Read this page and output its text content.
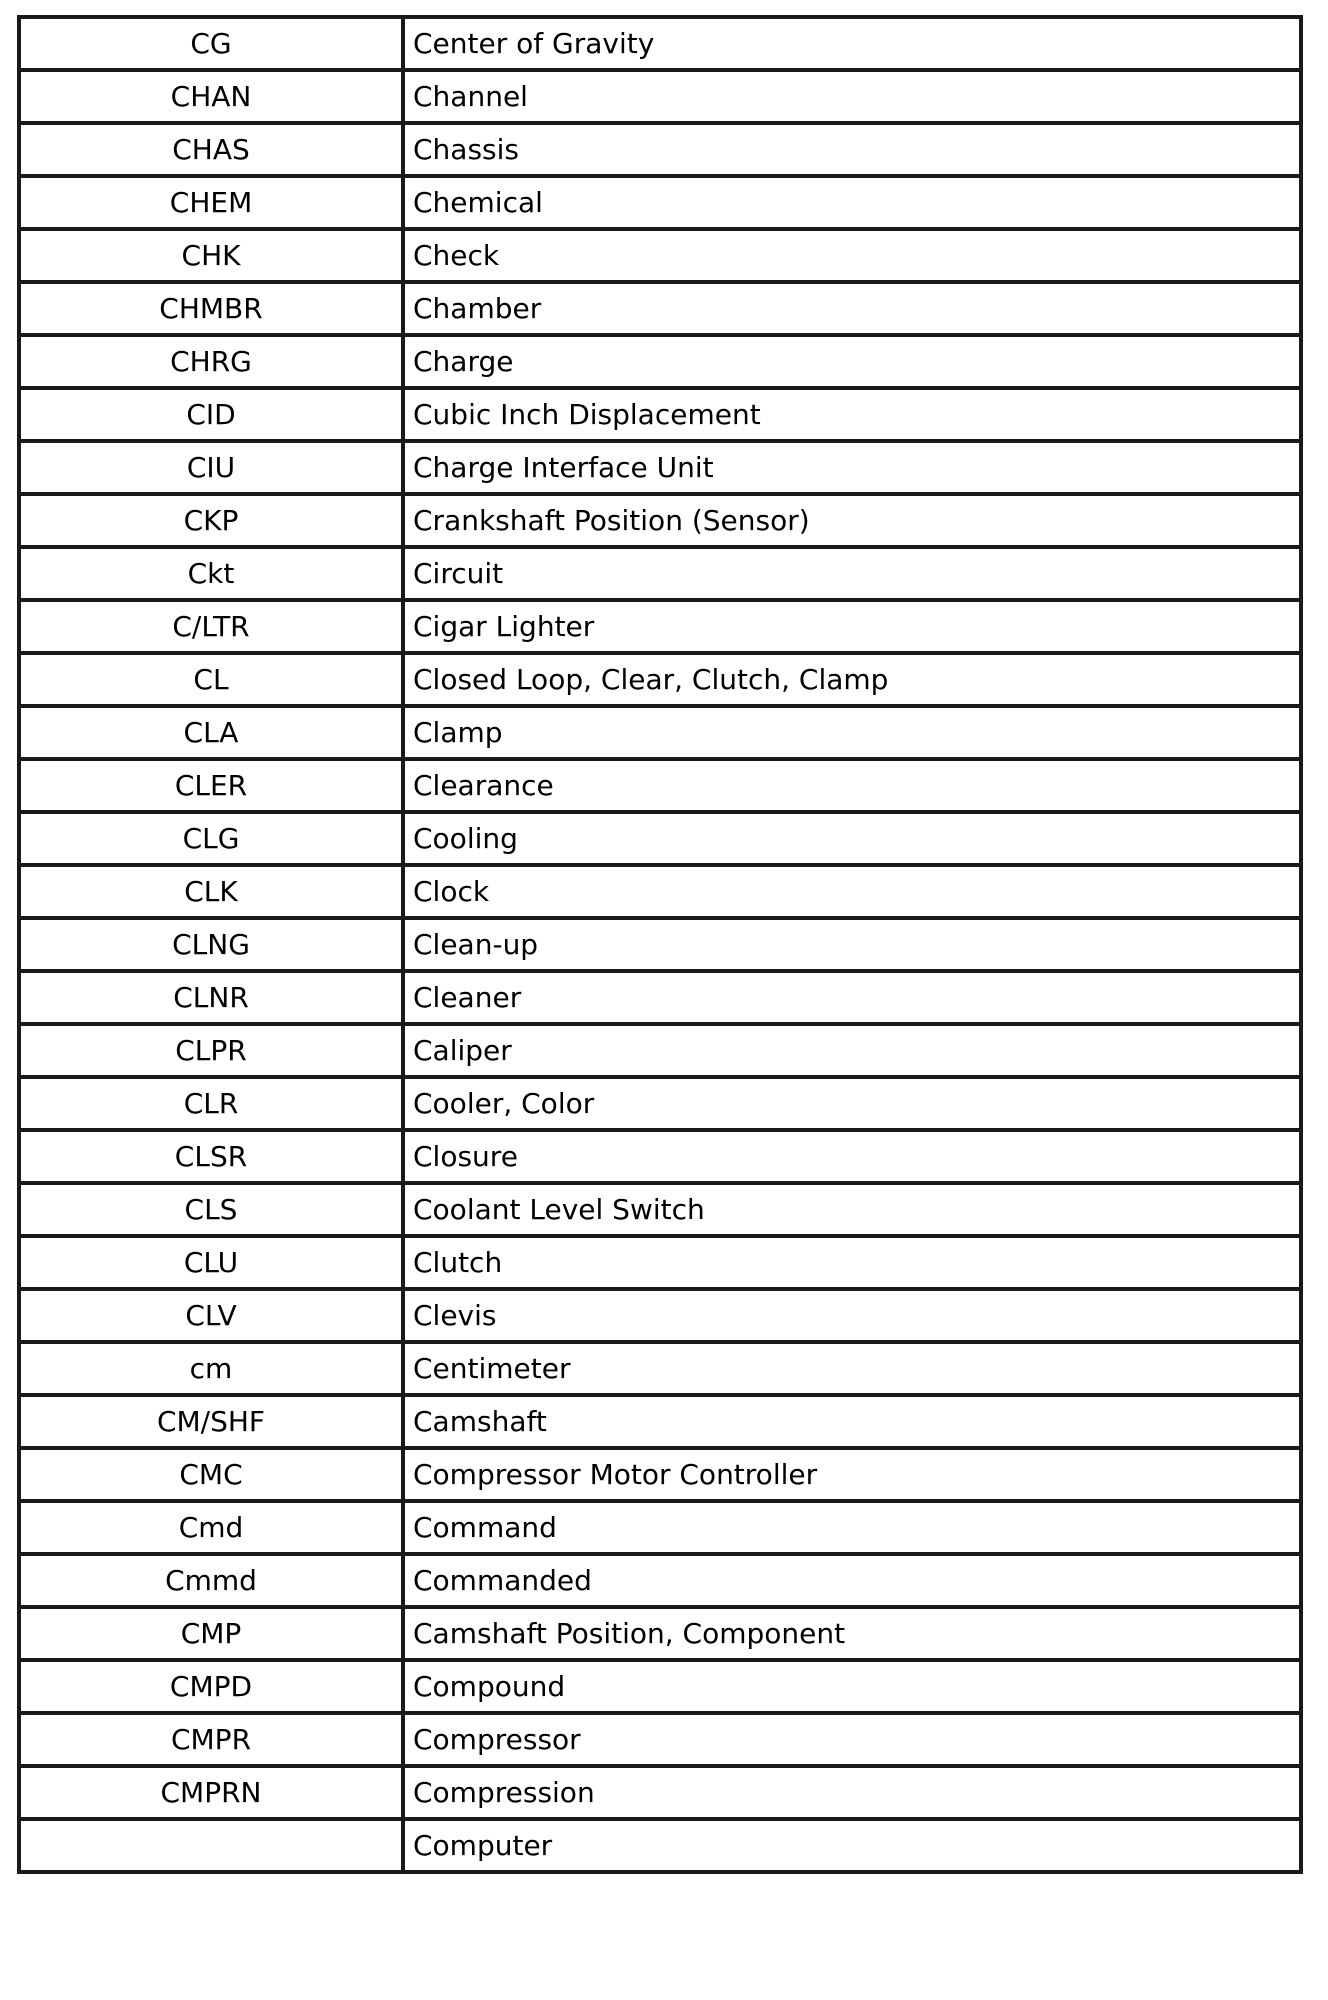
CG	Center of Gravity
CHAN	Channel
CHAS	Chassis
CHEM	Chemical
CHK	Check
CHMBR	Chamber
CHRG	Charge
CID	Cubic Inch Displacement
CIU	Charge Interface Unit
CKP	Crankshaft Position (Sensor)
Ckt	Circuit
C/LTR	Cigar Lighter
CL	Closed Loop, Clear, Clutch, Clamp
CLA	Clamp
CLER	Clearance
CLG	Cooling
CLK	Clock
CLNG	Clean-up
CLNR	Cleaner
CLPR	Caliper
CLR	Cooler, Color
CLSR	Closure
CLS	Coolant Level Switch
CLU	Clutch
CLV	Clevis
cm	Centimeter
CM/SHF	Camshaft
CMC	Compressor Motor Controller
Cmd	Command
Cmmd	Commanded
CMP	Camshaft Position, Component
CMPD	Compound
CMPR	Compressor
CMPRN	Compression
	Computer
